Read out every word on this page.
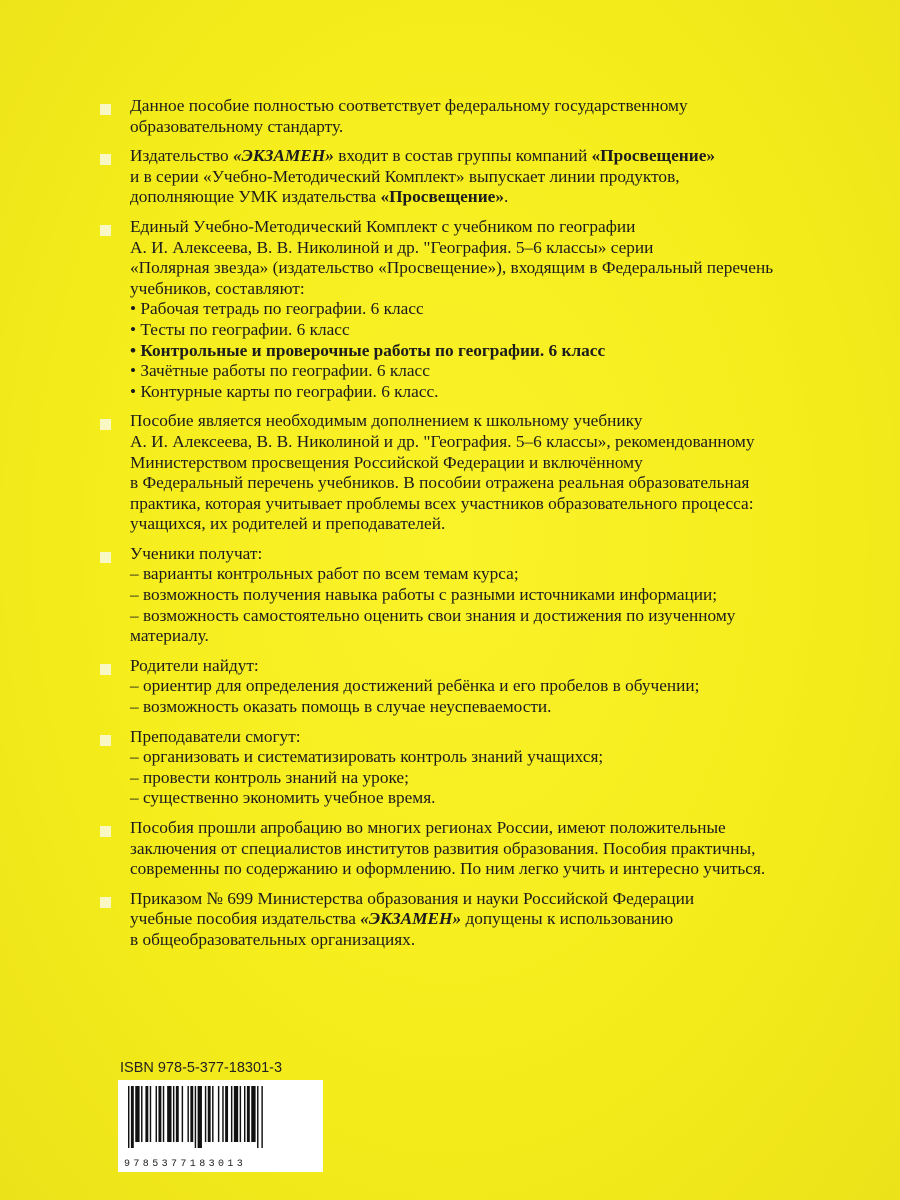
Данное пособие полностью соответствует федеральному государственному
образовательному стандарту.
Издательство «ЭКЗАМЕН» входит в состав группы компаний «Просвещение»
и в серии «Учебно-Методический Комплект» выпускает линии продуктов,
дополняющие УМК издательства «Просвещение».
Единый Учебно-Методический Комплект с учебником по географии
А. И. Алексеева, В. В. Николиной и др. "География. 5–6 классы» серии
«Полярная звезда» (издательство «Просвещение»), входящим в Федеральный перечень
учебников, составляют:
• Рабочая тетрадь по географии. 6 класс
• Тесты по географии. 6 класс
• Контрольные и проверочные работы по географии. 6 класс
• Зачётные работы по географии. 6 класс
• Контурные карты по географии. 6 класс.
Пособие является необходимым дополнением к школьному учебнику
А. И. Алексеева, В. В. Николиной и др. "География. 5–6 классы», рекомендованному
Министерством просвещения Российской Федерации и включённому
в Федеральный перечень учебников. В пособии отражена реальная образовательная
практика, которая учитывает проблемы всех участников образовательного процесса:
учащихся, их родителей и преподавателей.
Ученики получат:
– варианты контрольных работ по всем темам курса;
– возможность получения навыка работы с разными источниками информации;
– возможность самостоятельно оценить свои знания и достижения по изученному
материалу.
Родители найдут:
– ориентир для определения достижений ребёнка и его пробелов в обучении;
– возможность оказать помощь в случае неуспеваемости.
Преподаватели смогут:
– организовать и систематизировать контроль знаний учащихся;
– провести контроль знаний на уроке;
– существенно экономить учебное время.
Пособия прошли апробацию во многих регионах России, имеют положительные
заключения от специалистов институтов развития образования. Пособия практичны,
современны по содержанию и оформлению. По ним легко учить и интересно учиться.
Приказом № 699 Министерства образования и науки Российской Федерации
учебные пособия издательства «ЭКЗАМЕН» допущены к использованию
в общеобразовательных организациях.
ISBN 978-5-377-18301-3
9785377183013
